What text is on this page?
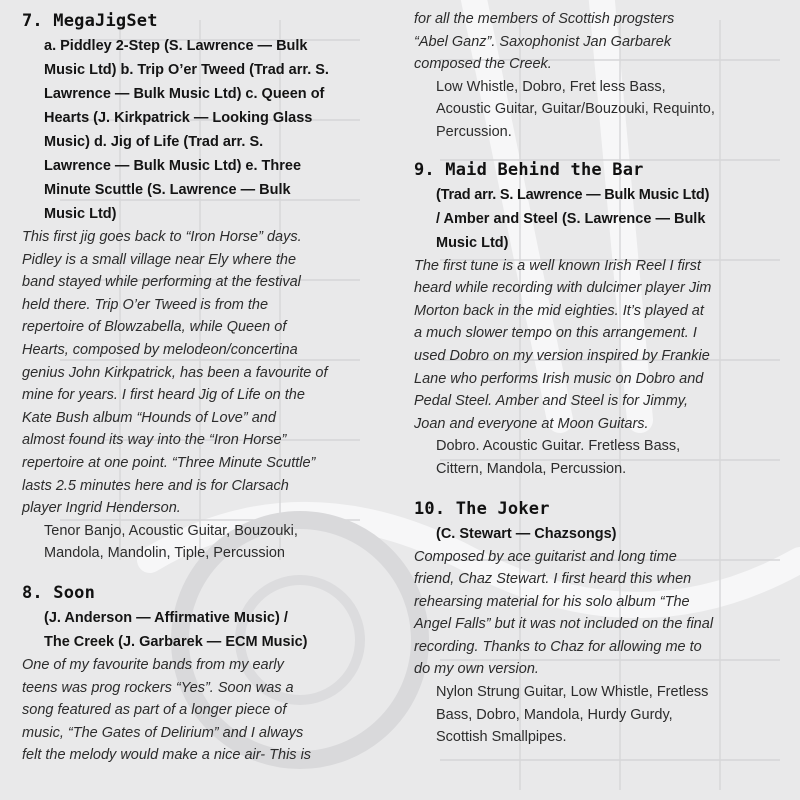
7. MegaJigSet
a. Piddley 2-Step (S. Lawrence — Bulk
Music Ltd) b. Trip O’er Tweed (Trad arr. S.
Lawrence — Bulk Music Ltd) c. Queen of
Hearts (J. Kirkpatrick — Looking Glass
Music) d. Jig of Life (Trad arr. S.
Lawrence — Bulk Music Ltd) e. Three
Minute Scuttle (S. Lawrence — Bulk
Music Ltd)
This first jig goes back to “Iron Horse” days.
Pidley is a small village near Ely where the
band stayed while performing at the festival
held there. Trip O’er Tweed is from the
repertoire of Blowzabella, while Queen of
Hearts, composed by melodeon/concertina
genius John Kirkpatrick, has been a favourite of
mine for years. I first heard Jig of Life on the
Kate Bush album “Hounds of Love” and
almost found its way into the “Iron Horse”
repertoire at one point. “Three Minute Scuttle”
lasts 2.5 minutes here and is for Clarsach
player Ingrid Henderson.
Tenor Banjo, Acoustic Guitar, Bouzouki,
Mandola, Mandolin, Tiple, Percussion
8. Soon
(J. Anderson — Affirmative Music) /
The Creek (J. Garbarek — ECM Music)
One of my favourite bands from my early
teens was prog rockers “Yes”. Soon was a
song featured as part of a longer piece of
music, “The Gates of Delirium” and I always
felt the melody would make a nice air- This is
for all the members of Scottish progsters
“Abel Ganz”. Saxophonist Jan Garbarek
composed the Creek.
Low Whistle, Dobro, Fret less Bass,
Acoustic Guitar, Guitar/Bouzouki, Requinto,
Percussion.
9. Maid Behind the Bar
(Trad arr. S. Lawrence — Bulk Music Ltd)
/ Amber and Steel (S. Lawrence — Bulk
Music Ltd)
The first tune is a well known Irish Reel I first
heard while recording with dulcimer player Jim
Morton back in the mid eighties. It’s played at
a much slower tempo on this arrangement. I
used Dobro on my version inspired by Frankie
Lane who performs Irish music on Dobro and
Pedal Steel. Amber and Steel is for Jimmy,
Joan and everyone at Moon Guitars.
Dobro. Acoustic Guitar. Fretless Bass,
Cittern, Mandola, Percussion.
10. The Joker
(C. Stewart — Chazsongs)
Composed by ace guitarist and long time
friend, Chaz Stewart. I first heard this when
rehearsing material for his solo album “The
Angel Falls” but it was not included on the final
recording. Thanks to Chaz for allowing me to
do my own version.
Nylon Strung Guitar, Low Whistle, Fretless
Bass, Dobro, Mandola, Hurdy Gurdy,
Scottish Smallpipes.
